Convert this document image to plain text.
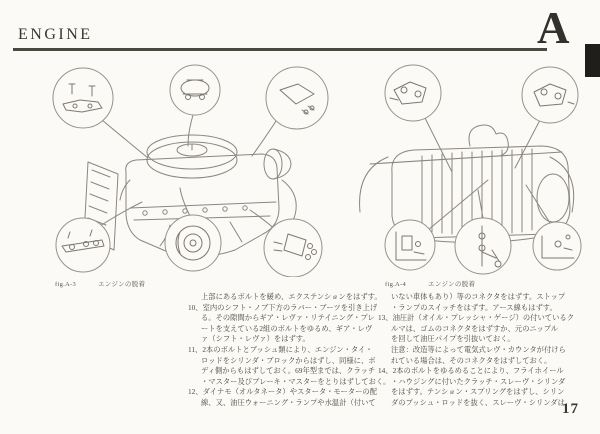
ENGINE	A
fig.A-3	エンジンの脱着	fig.A-4	エンジンの脱着
上部にあるボルトを緩め、エクステンションをはずす。
10、室内のシフト・ノブ下方のラバー・ブーツを引き上げ
る。その隙間からギア・レヴァ・リテイニング・プレ
ートを支えている2組のボルトをゆるめ、ギア・レヴ
ァ（シフト・レヴァ）をはずす。
11、2本のボルトとブッシュ類により、エンジン・タイ・
ロッドをシリンダ・ブロックからはずし、同様に、ボ
ディ側からもはずしておく。69年型までは、クラッチ
・マスター及びブレーキ・マスターをとりはずしておく。
12、ダイナモ（オルタネータ）やスタータ・モーターの配
線、又、油圧ウォーニング・ランプや水温計（付いて
いない車体もあり）等のコネクタをはずす。ストップ
・ランプのスイッチをはずす。アース線もはずす。
13、油圧計（オイル・プレッシャ・ゲージ）の付いているク
ルマは、ゴムのコネクタをはずすか、元のニップル
を回して油圧パイプを引抜いておく。
注意：改造等によって電気式レヴ・カウンタが付けら
れている場合は、そのコネクタをはずしておく。
14、2本のボルトをゆるめることにより、フライホイール
・ハウジングに付いたクラッチ・スレーヴ・シリンダ
をはずす。テンション・スプリングをはずし、シリン
ダのプッシュ・ロッドを抜く、スレーヴ・シリンダは、
17
